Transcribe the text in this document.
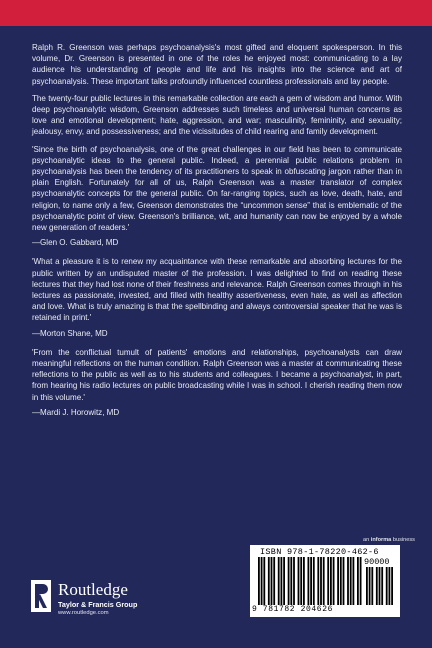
Ralph R. Greenson was perhaps psychoanalysis's most gifted and eloquent spokesperson. In this volume, Dr. Greenson is presented in one of the roles he enjoyed most: communicating to a lay audience his understanding of people and life and his insights into the science and art of psychoanalysis. These important talks profoundly influenced countless professionals and lay people.

The twenty-four public lectures in this remarkable collection are each a gem of wisdom and humor. With deep psychoanalytic wisdom, Greenson addresses such timeless and universal human concerns as love and emotional development; hate, aggression, and war; masculinity, femininity, and sexuality; jealousy, envy, and possessiveness; and the vicissitudes of child rearing and family development.

'Since the birth of psychoanalysis, one of the great challenges in our field has been to communicate psychoanalytic ideas to the general public. Indeed, a perennial public relations problem in psychoanalysis has been the tendency of its practitioners to speak in obfuscating jargon rather than in plain English. Fortunately for all of us, Ralph Greenson was a master translator of complex psychoanalytic concepts for the general public. On far-ranging topics, such as love, death, hate, and religion, to name only a few, Greenson demonstrates the “uncommon sense” that is emblematic of the psychoanalytic point of view. Greenson's brilliance, wit, and humanity can now be enjoyed by a whole new generation of readers.'

—Glen O. Gabbard, MD

'What a pleasure it is to renew my acquaintance with these remarkable and absorbing lectures for the public written by an undisputed master of the profession. I was delighted to find on reading these lectures that they had lost none of their freshness and relevance. Ralph Greenson comes through in his lectures as passionate, invested, and filled with healthy assertiveness, even hate, as well as affection and love. What is truly amazing is that the spellbinding and always controversial speaker that he was is retained in print.'

—Morton Shane, MD

'From the conflictual tumult of patients' emotions and relationships, psychoanalysts can draw meaningful reflections on the human condition. Ralph Greenson was a master at communicating these reflections to the public as well as to his students and colleagues. I became a psychoanalyst, in part, from hearing his radio lectures on public broadcasting while I was in school. I cherish reading them now in this volume.'

—Mardi J. Horowitz, MD
an informa business
Routledge
Taylor & Francis Group
www.routledge.com
ISBN 978-1-78220-462-6
90000
9 781782 204626
